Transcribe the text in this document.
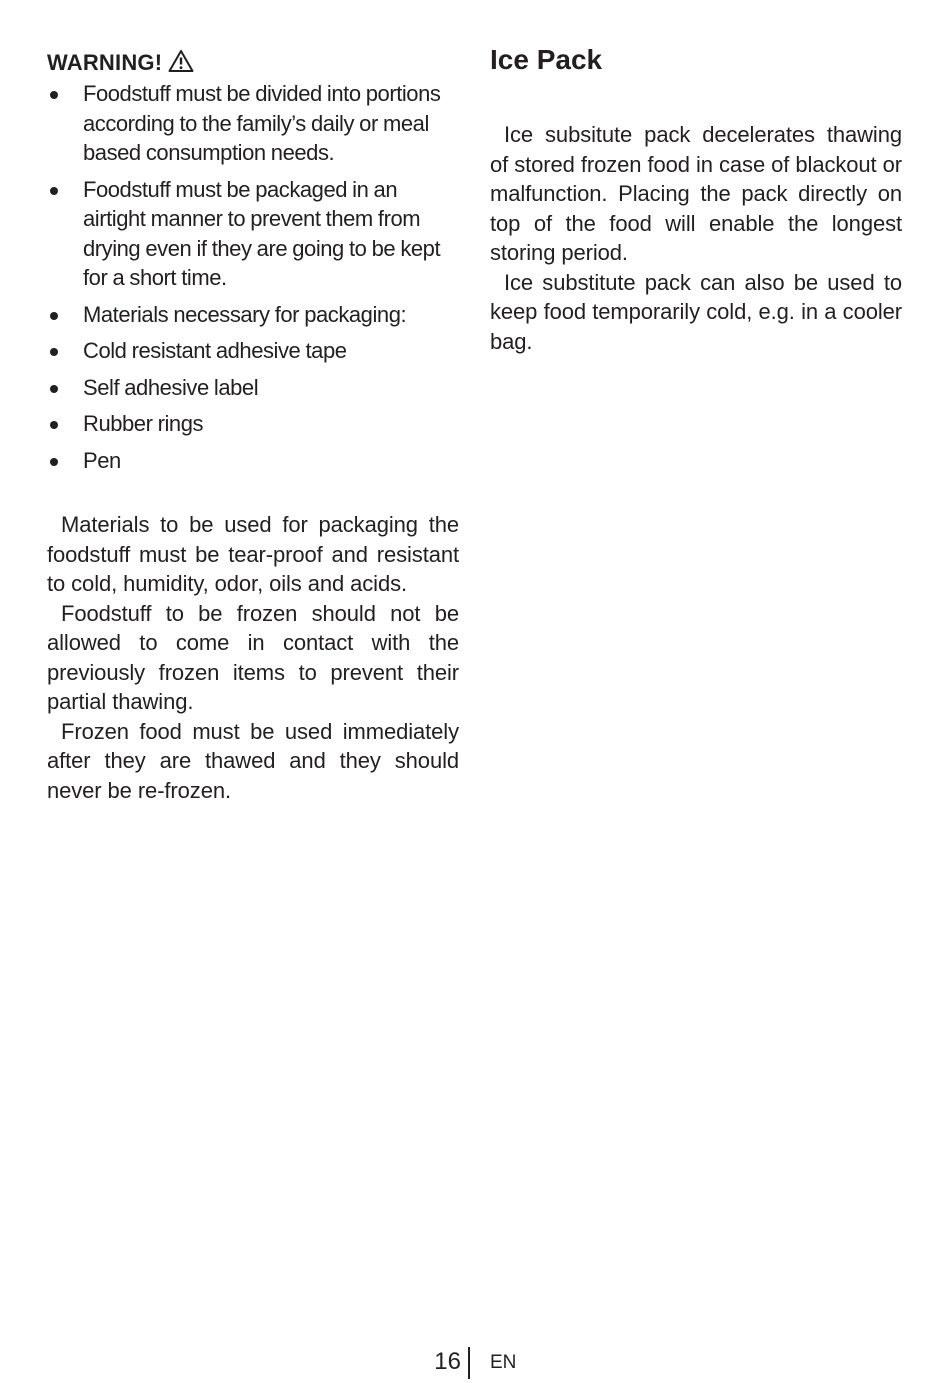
WARNING!
Foodstuff must be divided into portions according to the family’s daily or meal based consumption needs.
Foodstuff must be packaged in an airtight manner to prevent them from drying even if they are going to be kept for a short time.
Materials necessary for packaging:
Cold resistant adhesive tape
Self adhesive label
Rubber rings
Pen

Materials to be used for packaging the foodstuff must be tear-proof and resistant to cold, humidity, odor, oils and acids.

Foodstuff to be frozen should not be allowed to come in contact with the previously frozen items to prevent their partial thawing.

Frozen food must be used immediately after they are thawed and they should never be re-frozen.

Ice Pack

Ice subsitute pack decelerates thawing of stored frozen food in case of blackout or malfunction. Placing the pack directly on top of the food will enable the longest storing period.

Ice substitute pack can also be used to keep food temporarily cold, e.g. in a cooler bag.

16 EN
